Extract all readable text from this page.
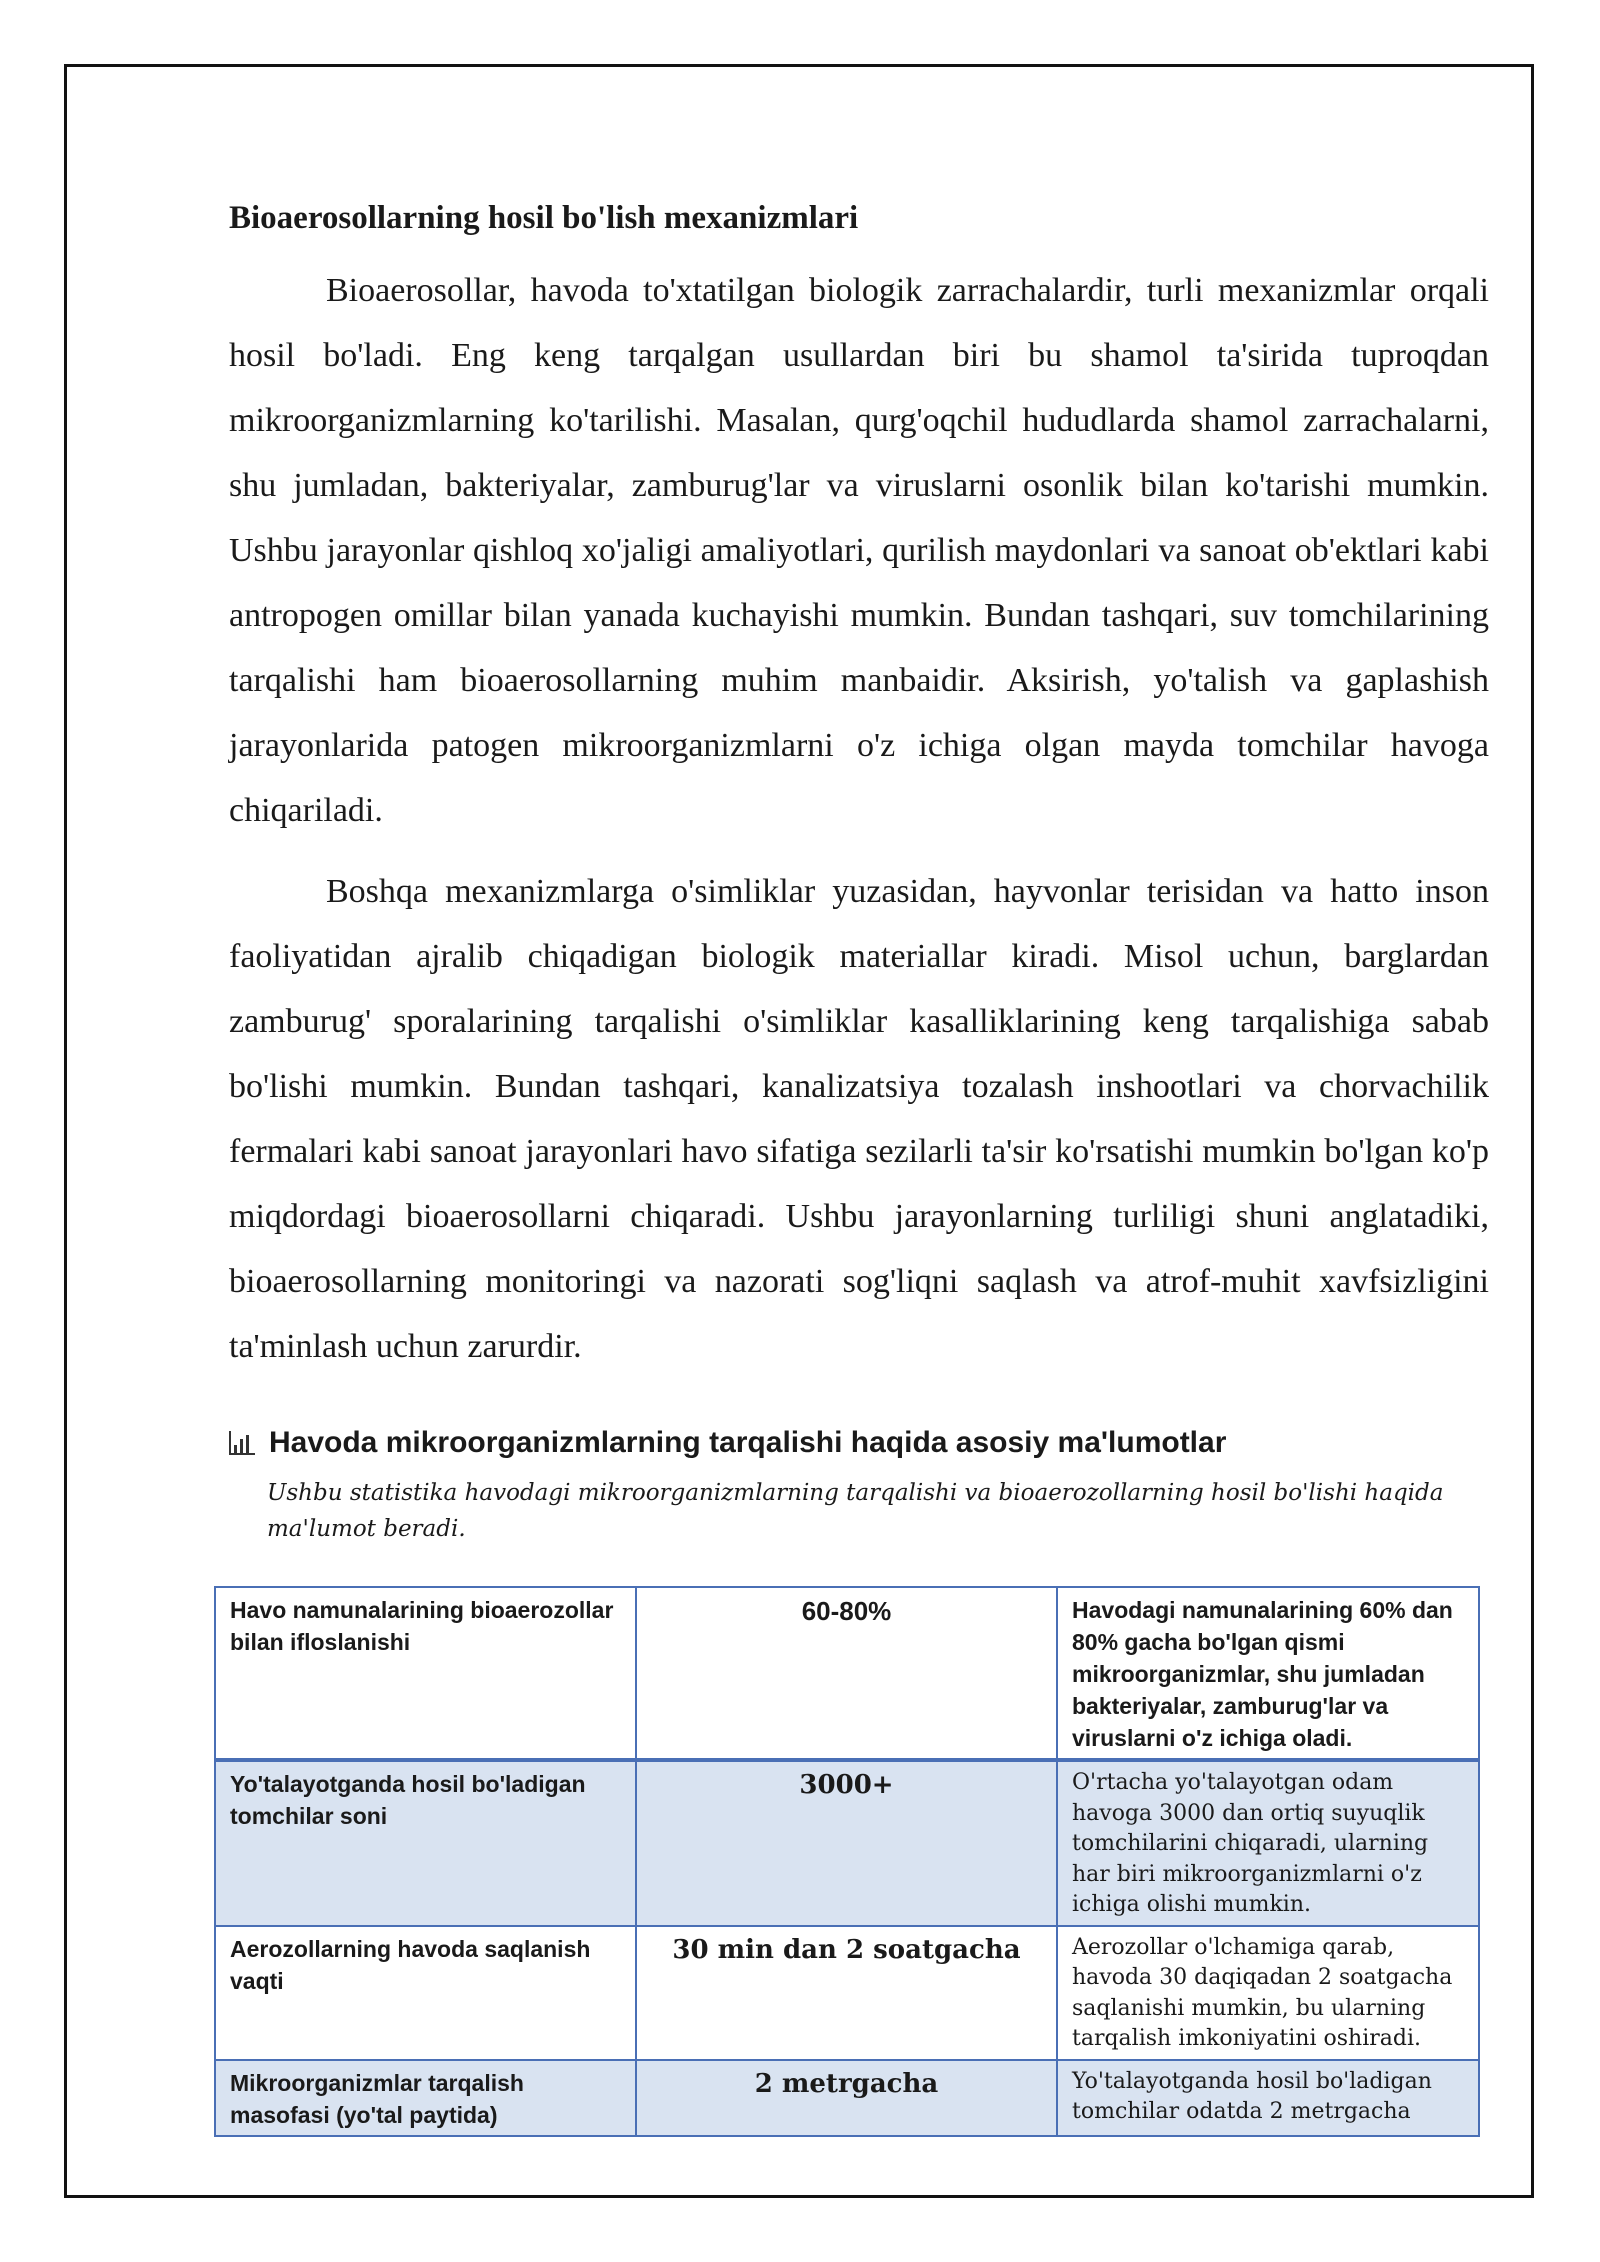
Bioaerosollarning hosil bo'lish mexanizmlari

Bioaerosollar, havoda to'xtatilgan biologik zarrachalardir, turli mexanizmlar orqali hosil bo'ladi. Eng keng tarqalgan usullardan biri bu shamol ta'sirida tuproqdan mikroorganizmlarning ko'tarilishi. Masalan, qurg'oqchil hududlarda shamol zarrachalarni, shu jumladan, bakteriyalar, zamburug'lar va viruslarni osonlik bilan ko'tarishi mumkin. Ushbu jarayonlar qishloq xo'jaligi amaliyotlari, qurilish maydonlari va sanoat ob'ektlari kabi antropogen omillar bilan yanada kuchayishi mumkin. Bundan tashqari, suv tomchilarining tarqalishi ham bioaerosollarning muhim manbaidir. Aksirish, yo'talish va gaplashish jarayonlarida patogen mikroorganizmlarni o'z ichiga olgan mayda tomchilar havoga chiqariladi.

Boshqa mexanizmlarga o'simliklar yuzasidan, hayvonlar terisidan va hatto inson faoliyatidan ajralib chiqadigan biologik materiallar kiradi. Misol uchun, barglardan zamburug' sporalarining tarqalishi o'simliklar kasalliklarining keng tarqalishiga sabab bo'lishi mumkin. Bundan tashqari, kanalizatsiya tozalash inshootlari va chorvachilik fermalari kabi sanoat jarayonlari havo sifatiga sezilarli ta'sir ko'rsatishi mumkin bo'lgan ko'p miqdordagi bioaerosollarni chiqaradi. Ushbu jarayonlarning turliligi shuni anglatadiki, bioaerosollarning monitoringi va nazorati sog'liqni saqlash va atrof-muhit xavfsizligini ta'minlash uchun zarurdir.

Havoda mikroorganizmlarning tarqalishi haqida asosiy ma'lumotlar
Ushbu statistika havodagi mikroorganizmlarning tarqalishi va bioaerozollarning hosil bo'lishi haqida ma'lumot beradi.
Havo namunalarining bioaerozollar bilan ifloslanishi	60-80%	Havodagi namunalarining 60% dan 80% gacha bo'lgan qismi mikroorganizmlar, shu jumladan bakteriyalar, zamburug'lar va viruslarni o'z ichiga oladi.
Yo'talayotganda hosil bo'ladigan tomchilar soni	3000+	O'rtacha yo'talayotgan odam havoga 3000 dan ortiq suyuqlik tomchilarini chiqaradi, ularning har biri mikroorganizmlarni o'z ichiga olishi mumkin.
Aerozollarning havoda saqlanish vaqti	30 min dan 2 soatgacha	Aerozollar o'lchamiga qarab, havoda 30 daqiqadan 2 soatgacha saqlanishi mumkin, bu ularning tarqalish imkoniyatini oshiradi.
Mikroorganizmlar tarqalish masofasi (yo'tal paytida)	2 metrgacha	Yo'talayotganda hosil bo'ladigan tomchilar odatda 2 metrgacha
